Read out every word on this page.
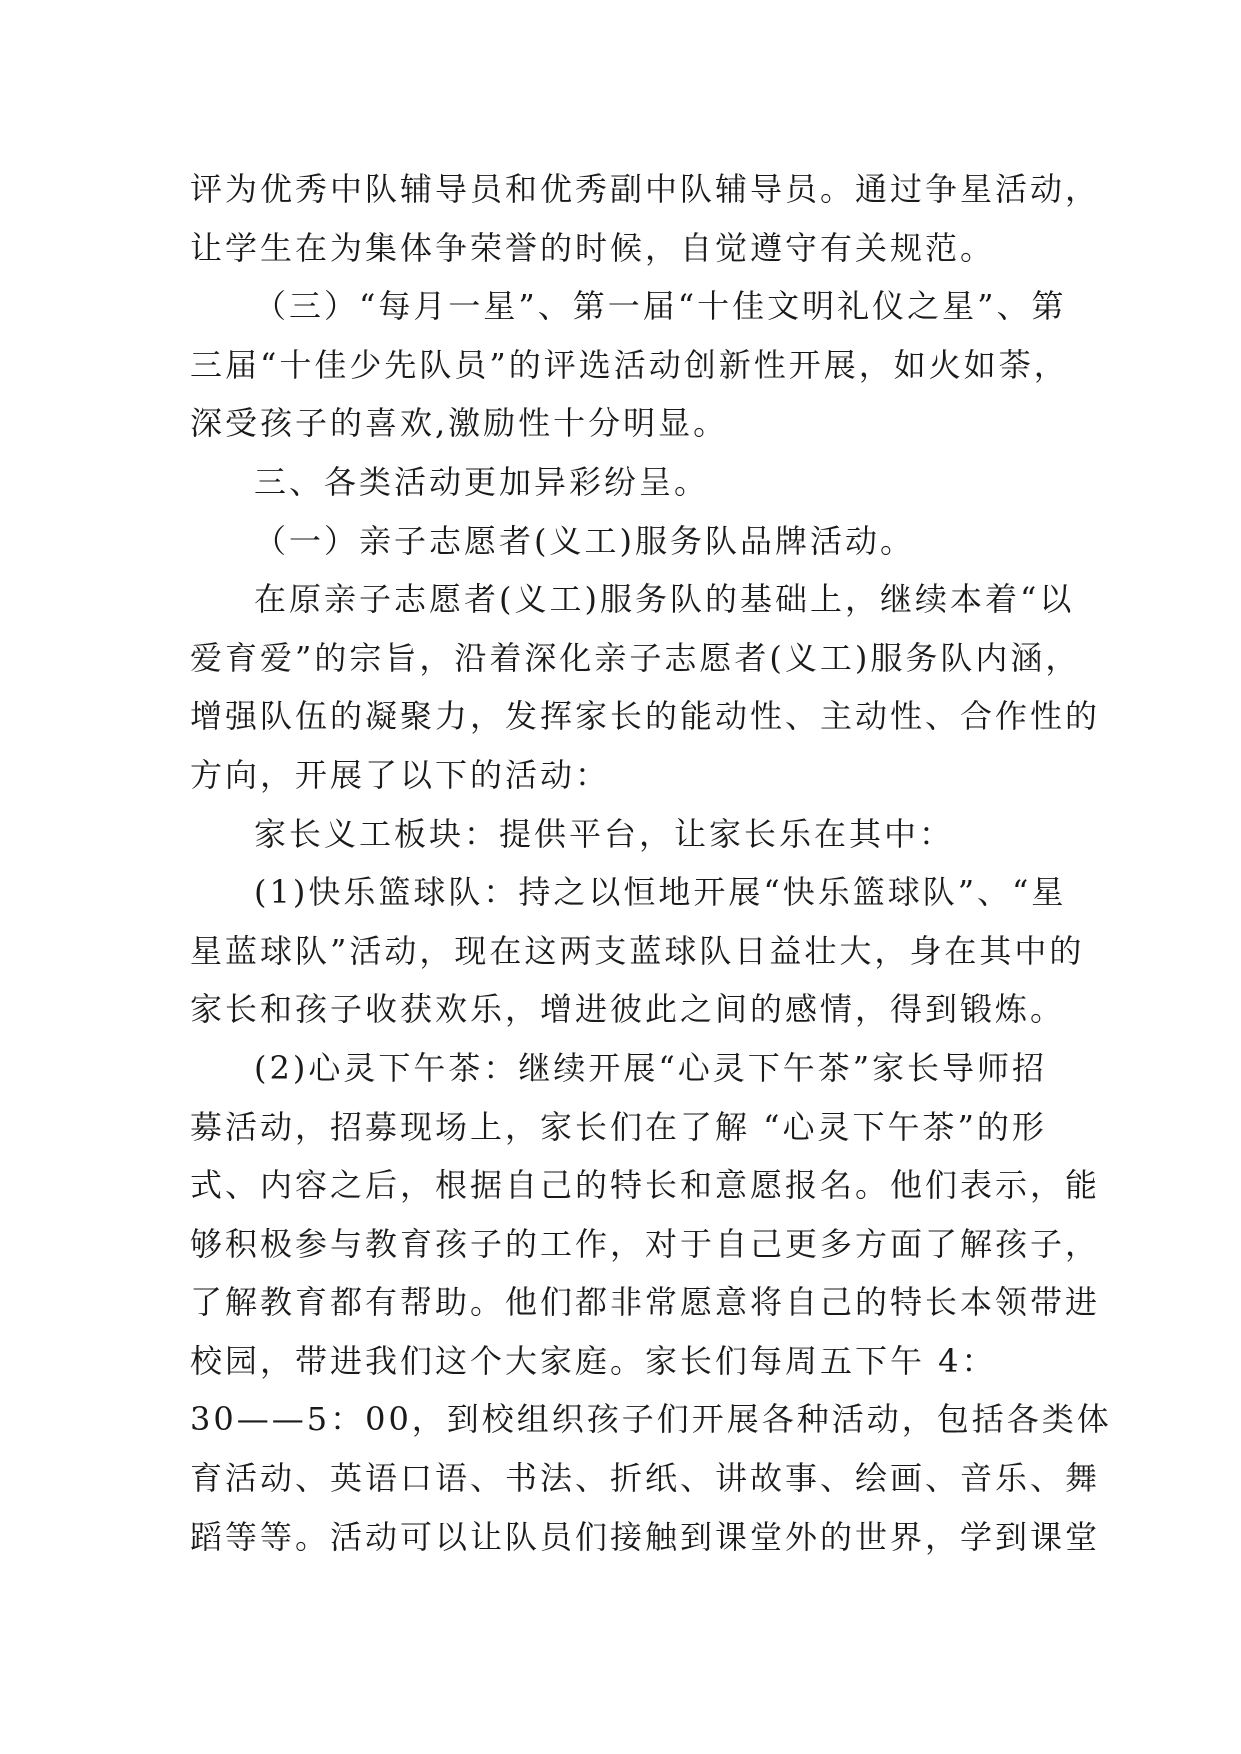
评为优秀中队辅导员和优秀副中队辅导员。通过争星活动，
让学生在为集体争荣誉的时候，自觉遵守有关规范。
（三）“每月一星”、第一届“十佳文明礼仪之星”、第
三届“十佳少先队员”的评选活动创新性开展，如火如荼，
深受孩子的喜欢,激励性十分明显。
三、各类活动更加异彩纷呈。
（一）亲子志愿者(义工)服务队品牌活动。
在原亲子志愿者(义工)服务队的基础上，继续本着“以
爱育爱”的宗旨，沿着深化亲子志愿者(义工)服务队内涵，
增强队伍的凝聚力，发挥家长的能动性、主动性、合作性的
方向，开展了以下的活动：
家长义工板块：提供平台，让家长乐在其中：
(1)快乐篮球队：持之以恒地开展“快乐篮球队”、“星
星蓝球队”活动，现在这两支蓝球队日益壮大，身在其中的
家长和孩子收获欢乐，增进彼此之间的感情，得到锻炼。
(2)心灵下午茶：继续开展“心灵下午茶”家长导师招
募活动，招募现场上，家长们在了解 “心灵下午茶”的形
式、内容之后，根据自己的特长和意愿报名。他们表示，能
够积极参与教育孩子的工作，对于自己更多方面了解孩子，
了解教育都有帮助。他们都非常愿意将自己的特长本领带进
校园，带进我们这个大家庭。家长们每周五下午 4：
30——5：00，到校组织孩子们开展各种活动，包括各类体
育活动、英语口语、书法、折纸、讲故事、绘画、音乐、舞
蹈等等。活动可以让队员们接触到课堂外的世界，学到课堂
